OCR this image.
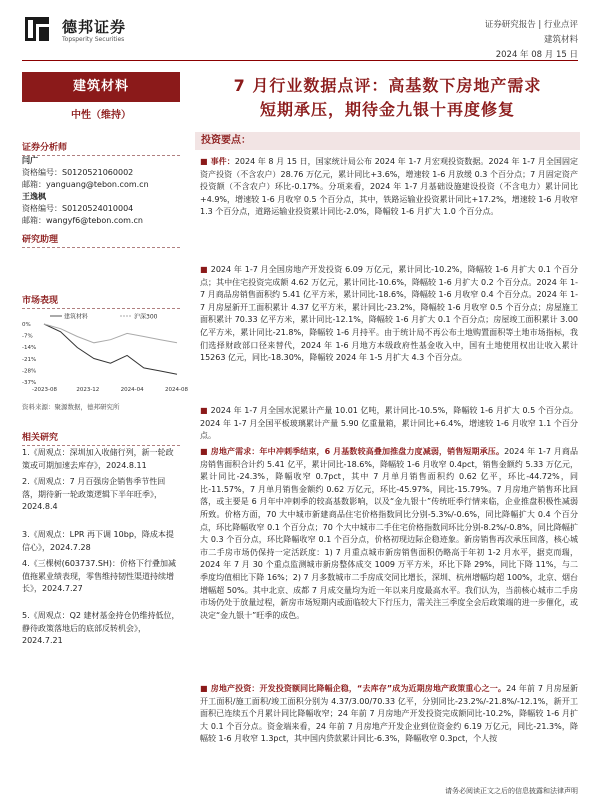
德邦证券
Topsperity Securities
证券研究报告 | 行业点评
建筑材料
2024 年 08 月 15 日
建筑材料
中性（维持）
证券分析师
闫广
资格编号：S0120521060002
邮箱：yanguang@tebon.com.cn
王逸枫
资格编号：S0120524010004
邮箱：wangyf6@tebon.com.cn
研究助理
市场表现
建筑材料	沪深300
0%
-7%
-14%
-21%
-28%
-37%
-2023-08	2023-12	2024-04	2024-08
资料来源：聚源数据，德邦研究所
相关研究
1.《周观点：深圳加入收储行列，新一轮政策或可期加速去库存》，2024.8.11
2.《周观点：7 月百强房企销售季节性回落，期待新一轮政策逻辑下半年旺季》，2024.8.4
3.《周观点：LPR 再下调 10bp，降成本提信心》，2024.7.28
4.《三棵树(603737.SH)：价格下行叠加减值拖累业绩表现，零售维持韧性渠道持续增长》，2024.7.27
5.《周观点：Q2 建材基金持仓仍维持低位，静待政策落地后的底部反转机会》，2024.7.21
7 月行业数据点评：高基数下房地产需求
短期承压，期待金九银十再度修复
投资要点：
■ 事件：2024 年 8 月 15 日，国家统计局公布 2024 年 1-7 月宏观投资数据。2024 年 1-7 月全国固定资产投资（不含农户）28.76 万亿元，累计同比+3.6%，增速较 1-6 月放缓 0.3 个百分点；7 月固定资产投资额（不含农户）环比-0.17%。分项来看，2024 年 1-7 月基础设施建设投资（不含电力）累计同比+4.9%，增速较 1-6 月收窄 0.5 个百分点，其中，铁路运输业投资累计同比+17.2%，增速较 1-6 月收窄 1.3 个百分点，道路运输业投资累计同比-2.0%，降幅较 1-6 月扩大 1.0 个百分点。
■ 2024 年 1-7 月全国房地产开发投资 6.09 万亿元，累计同比-10.2%，降幅较 1-6 月扩大 0.1 个百分点；其中住宅投资完成额 4.62 万亿元，累计同比-10.6%，降幅较 1-6 月扩大 0.2 个百分点。2024 年 1-7 月商品房销售面积约 5.41 亿平方米，累计同比-18.6%，降幅较 1-6 月收窄 0.4 个百分点。2024 年 1-7 月房屋新开工面积累计 4.37 亿平方米，累计同比-23.2%，降幅较 1-6 月收窄 0.5 个百分点；房屋施工面积累计 70.33 亿平方米，累计同比-12.1%，降幅较 1-6 月扩大 0.1 个百分点；房屋竣工面积累计 3.00 亿平方米，累计同比-21.8%，降幅较 1-6 月持平。由于统计局不再公布土地购置面积等土地市场指标，我们选择财政部口径来替代，2024 年 1-6 月地方本级政府性基金收入中，国有土地使用权出让收入累计 15263 亿元，同比-18.30%，降幅较 2024 年 1-5 月扩大 4.3 个百分点。
■ 2024 年 1-7 月全国水泥累计产量 10.01 亿吨，累计同比-10.5%，降幅较 1-6 月扩大 0.5 个百分点。2024 年 1-7 月全国平板玻璃累计产量 5.90 亿重量箱，累计同比+6.4%，增速较 1-6 月收窄 1.1 个百分点。
■ 房地产需求：年中冲刺季结束，6 月基数较高叠加推盘力度减弱，销售短期承压。2024 年 1-7 月商品房销售面积合计约 5.41 亿平，累计同比-18.6%，降幅较 1-6 月收窄 0.4pct，销售金额约 5.33 万亿元，累计同比-24.3%，降幅收窄 0.7pct，其中 7 月单月销售面积约 0.62 亿平，环比-44.72%，同比-11.57%，7 月单月销售金额约 0.62 万亿元，环比-45.97%，同比-15.79%。7 月房地产销售环比回落，或主要是 6 月年中冲刺季的较高基数影响，以及“金九银十”传统旺季行情来临，企业推盘积极性减弱所致。价格方面，70 大中城市新建商品住宅价格指数同比分别-5.3%/-0.6%，同比降幅扩大 0.4 个百分点，环比降幅收窄 0.1 个百分点；70 个大中城市二手住宅价格指数同环比分别-8.2%/-0.8%，同比降幅扩大 0.3 个百分点，环比降幅收窄 0.1 个百分点，价格初现边际企稳迹象。新房销售再次承压回落，核心城市二手房市场仍保持一定活跃度：1) 7 月重点城市新房销售面积仍略高于年初 1-2 月水平，据克而瑞，2024 年 7 月 30 个重点监测城市新房整体成交 1009 万平方米，环比下降 29%，同比下降 11%，与二季度均值相比下降 16%；2) 7 月多数城市二手房成交同比增长，深圳、杭州增幅均超 100%，北京、烟台增幅超 50%。其中北京、成都 7 月成交量均为近一年以来月度最高水平。我们认为，当前核心城市二手房市场仍处于放量过程，新房市场短期内或面临较大下行压力，需关注三季度全会后政策端的进一步催化，或决定“金九银十”旺季的成色。
■ 房地产投资：开发投资额同比降幅企稳，“去库存”成为近期房地产政策重心之一。24 年前 7 月房屋新开工面积/施工面积/竣工面积分别为 4.37/3.00/70.33 亿平，分别同比-23.2%/-21.8%/-12.1%，新开工面积已连续五个月累计同比降幅收窄；24 年前 7 月房地产开发投资完成额同比-10.2%，降幅较 1-6 月扩大 0.1 个百分点。资金端来看，24 年前 7 月房地产开发企业到位资金约 6.19 万亿元，同比-21.3%，降幅较 1-6 月收窄 1.3pct，其中国内贷款累计同比-6.3%，降幅收窄 0.3pct，个人按
请务必阅读正文之后的信息披露和法律声明
